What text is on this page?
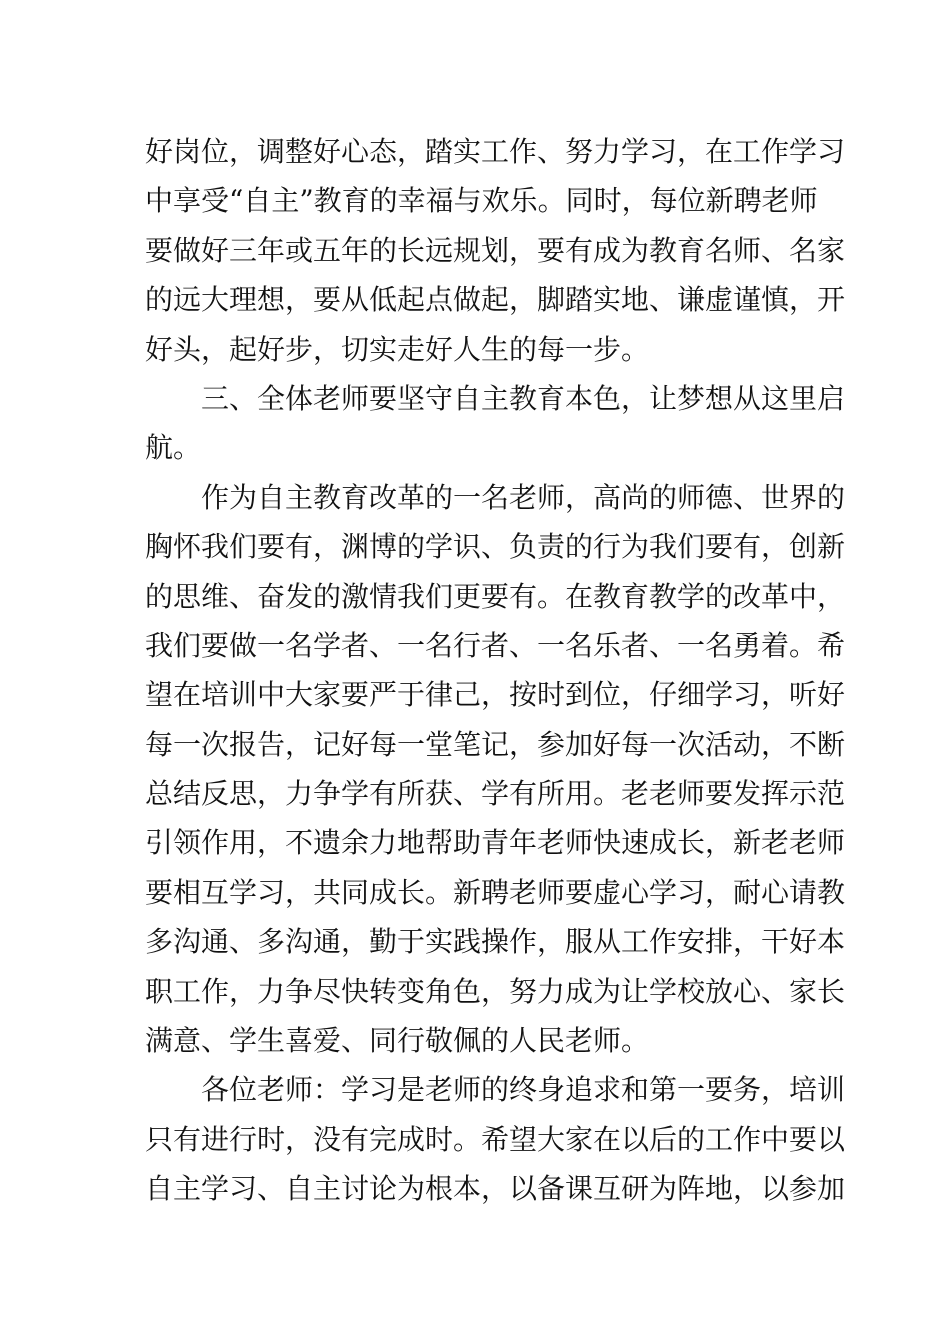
好岗位，调整好心态，踏实工作、努力学习，在工作学习
中享受“自主”教育的幸福与欢乐。同时，每位新聘老师
要做好三年或五年的长远规划，要有成为教育名师、名家
的远大理想，要从低起点做起，脚踏实地、谦虚谨慎，开
好头，起好步，切实走好人生的每一步。
三、全体老师要坚守自主教育本色，让梦想从这里启
航。
作为自主教育改革的一名老师，高尚的师德、世界的
胸怀我们要有，渊博的学识、负责的行为我们要有，创新
的思维、奋发的激情我们更要有。在教育教学的改革中，
我们要做一名学者、一名行者、一名乐者、一名勇着。希
望在培训中大家要严于律己，按时到位，仔细学习，听好
每一次报告，记好每一堂笔记，参加好每一次活动，不断
总结反思，力争学有所获、学有所用。老老师要发挥示范
引领作用，不遗余力地帮助青年老师快速成长，新老老师
要相互学习，共同成长。新聘老师要虚心学习，耐心请教
多沟通、多沟通，勤于实践操作，服从工作安排，干好本
职工作，力争尽快转变角色，努力成为让学校放心、家长
满意、学生喜爱、同行敬佩的人民老师。
各位老师：学习是老师的终身追求和第一要务，培训
只有进行时，没有完成时。希望大家在以后的工作中要以
自主学习、自主讨论为根本，以备课互研为阵地，以参加
